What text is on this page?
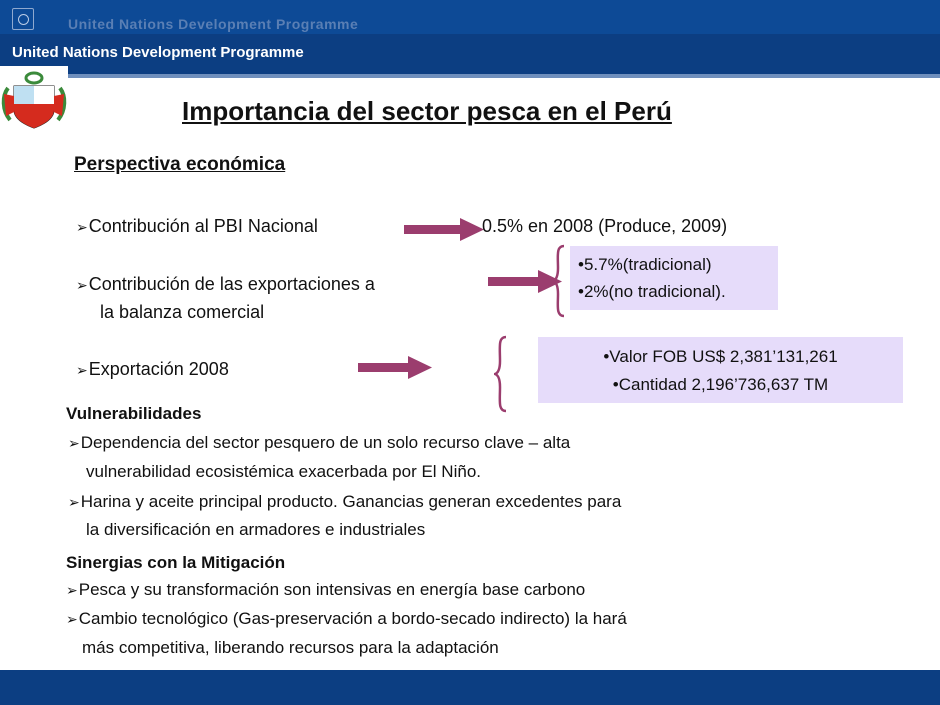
United Nations Development Programme
United Nations Development Programme
Importancia del sector pesca en el Perú
Perspectiva económica
➢Contribución al PBI Nacional	0.5% en 2008 (Produce, 2009)
➢Contribución de las exportaciones a
la balanza comercial
•5.7%(tradicional)
•2%(no tradicional).
➢Exportación 2008
•Valor FOB US$ 2,381’131,261
•Cantidad 2,196’736,637 TM
Vulnerabilidades
➢Dependencia del sector pesquero de un solo recurso clave – alta
vulnerabilidad ecosistémica exacerbada por El Niño.
➢Harina y aceite principal producto. Ganancias generan excedentes para
la diversificación en armadores e industriales
Sinergias con la Mitigación
➢Pesca y su transformación son intensivas en energía base carbono
➢Cambio tecnológico (Gas-preservación a bordo-secado indirecto) la hará
más competitiva, liberando recursos para la adaptación
